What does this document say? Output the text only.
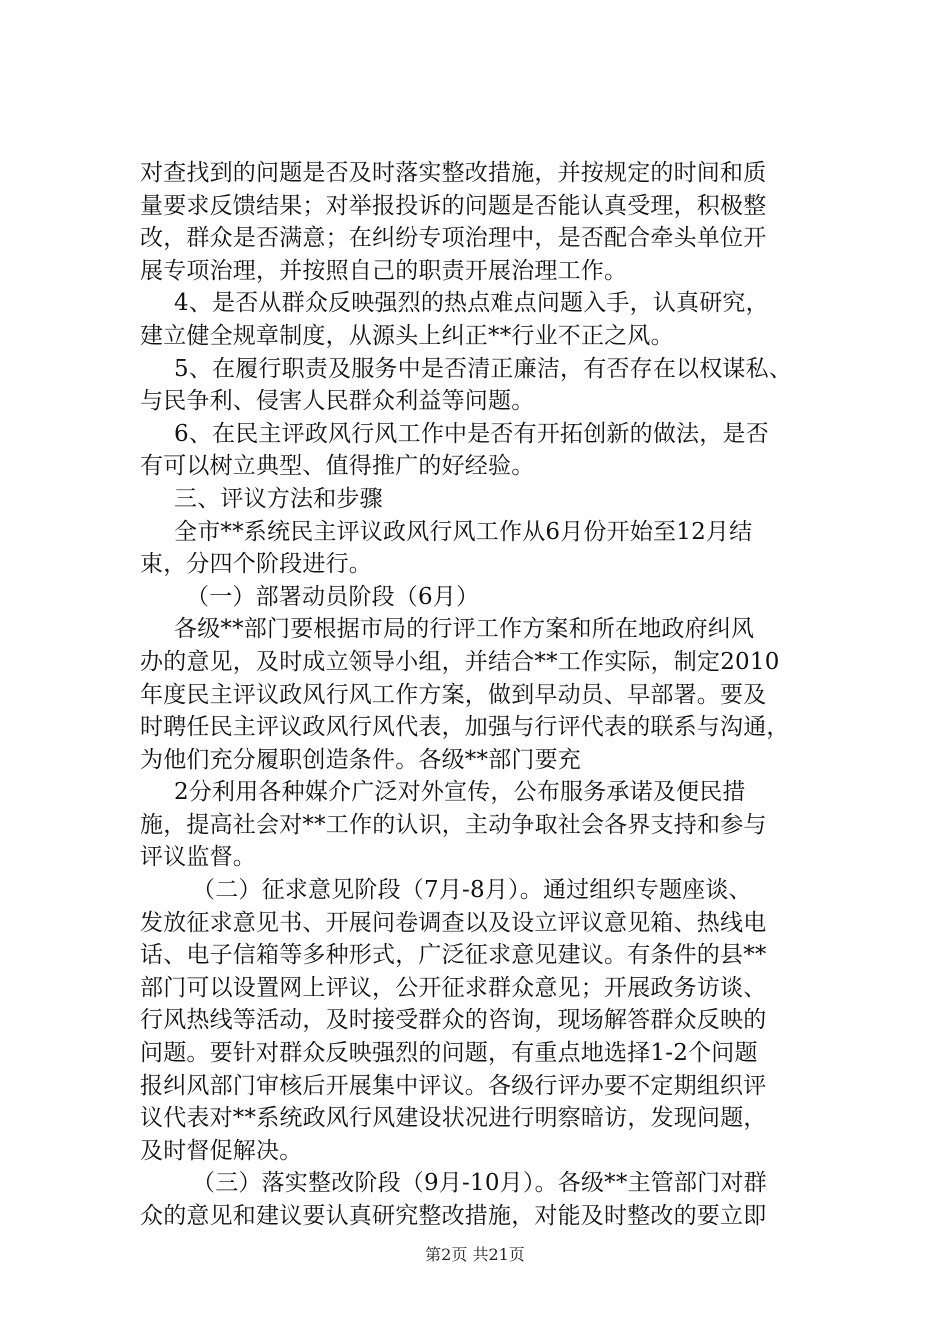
对查找到的问题是否及时落实整改措施，并按规定的时间和质
量要求反馈结果；对举报投诉的问题是否能认真受理，积极整
改，群众是否满意；在纠纷专项治理中，是否配合牵头单位开
展专项治理，并按照自己的职责开展治理工作。
4、是否从群众反映强烈的热点难点问题入手，认真研究，
建立健全规章制度，从源头上纠正**行业不正之风。
5、在履行职责及服务中是否清正廉洁，有否存在以权谋私、
与民争利、侵害人民群众利益等问题。
6、在民主评政风行风工作中是否有开拓创新的做法，是否
有可以树立典型、值得推广的好经验。
三、评议方法和步骤
全市**系统民主评议政风行风工作从6月份开始至12月结
束，分四个阶段进行。
（一）部署动员阶段（6月）
各级**部门要根据市局的行评工作方案和所在地政府纠风
办的意见，及时成立领导小组，并结合**工作实际，制定2010
年度民主评议政风行风工作方案，做到早动员、早部署。要及
时聘任民主评议政风行风代表，加强与行评代表的联系与沟通，
为他们充分履职创造条件。各级**部门要充
2分利用各种媒介广泛对外宣传，公布服务承诺及便民措
施，提高社会对**工作的认识，主动争取社会各界支持和参与
评议监督。
（二）征求意见阶段（7月-8月）。通过组织专题座谈、
发放征求意见书、开展问卷调查以及设立评议意见箱、热线电
话、电子信箱等多种形式，广泛征求意见建议。有条件的县**
部门可以设置网上评议，公开征求群众意见；开展政务访谈、
行风热线等活动，及时接受群众的咨询，现场解答群众反映的
问题。要针对群众反映强烈的问题，有重点地选择1-2个问题
报纠风部门审核后开展集中评议。各级行评办要不定期组织评
议代表对**系统政风行风建设状况进行明察暗访，发现问题，
及时督促解决。
（三）落实整改阶段（9月-10月）。各级**主管部门对群
众的意见和建议要认真研究整改措施，对能及时整改的要立即
第2页 共21页
